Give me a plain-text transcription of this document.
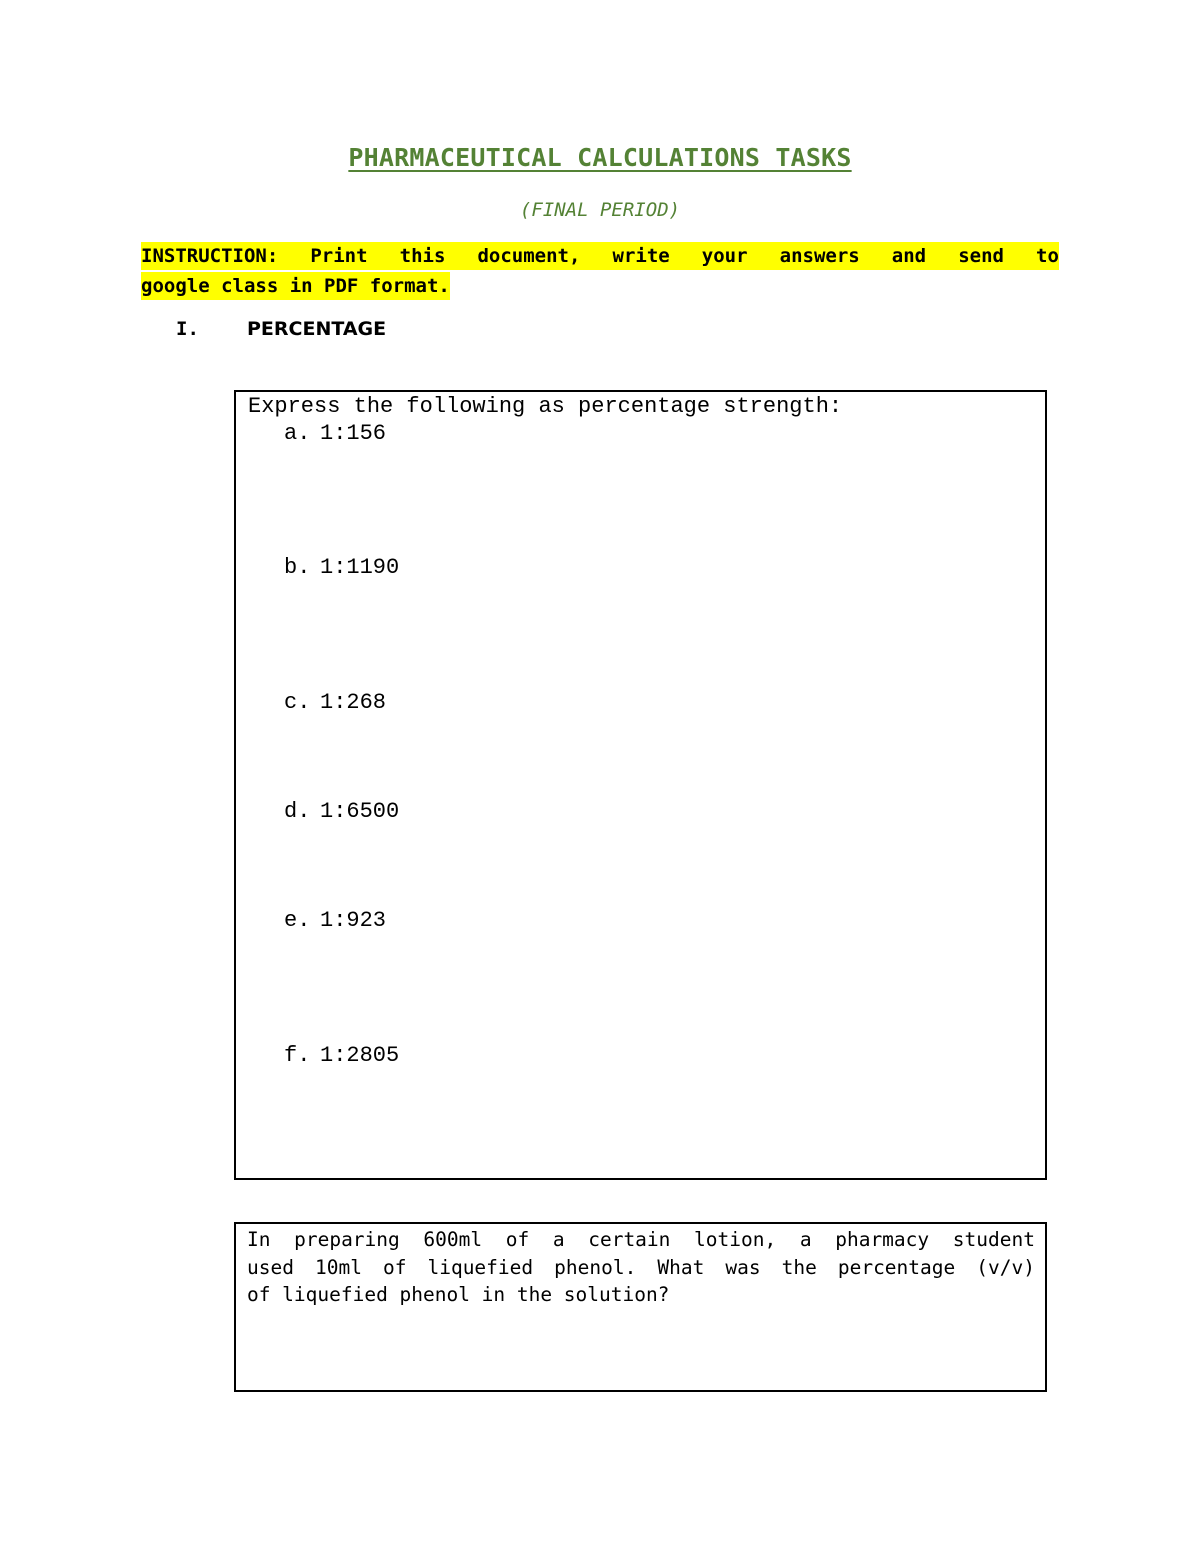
PHARMACEUTICAL CALCULATIONS TASKS
(FINAL PERIOD)
INSTRUCTION: Print this document, write your answers and send to
google class in PDF format.
I.	PERCENTAGE
Express the following as percentage strength:
a. 1:156
b. 1:1190
c. 1:268
d. 1:6500
e. 1:923
f. 1:2805
In preparing 600ml of a certain lotion, a pharmacy student
used 10ml of liquefied phenol. What was the percentage (v/v)
of liquefied phenol in the solution?
